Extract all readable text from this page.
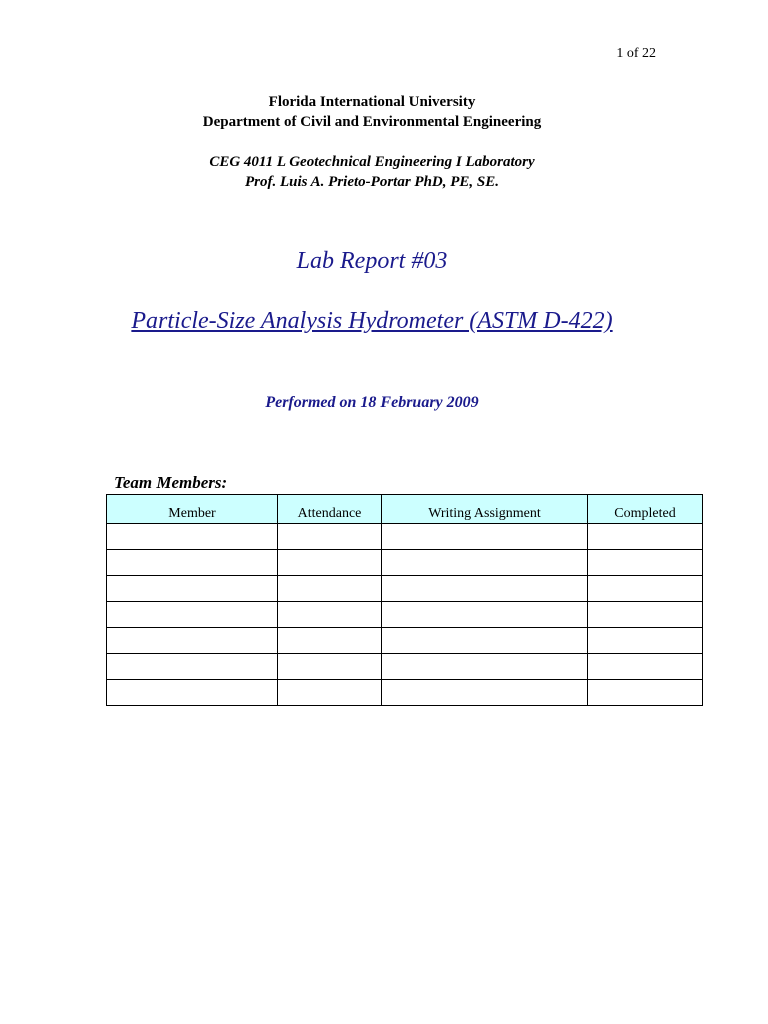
1 of 22
Florida International University
Department of Civil and Environmental Engineering
CEG 4011 L Geotechnical Engineering I Laboratory
Prof. Luis A. Prieto-Portar PhD, PE, SE.
Lab Report #03
Particle-Size Analysis Hydrometer (ASTM D-422)
Performed on 18 February 2009
Team Members:
Member	Attendance	Writing Assignment	Completed
